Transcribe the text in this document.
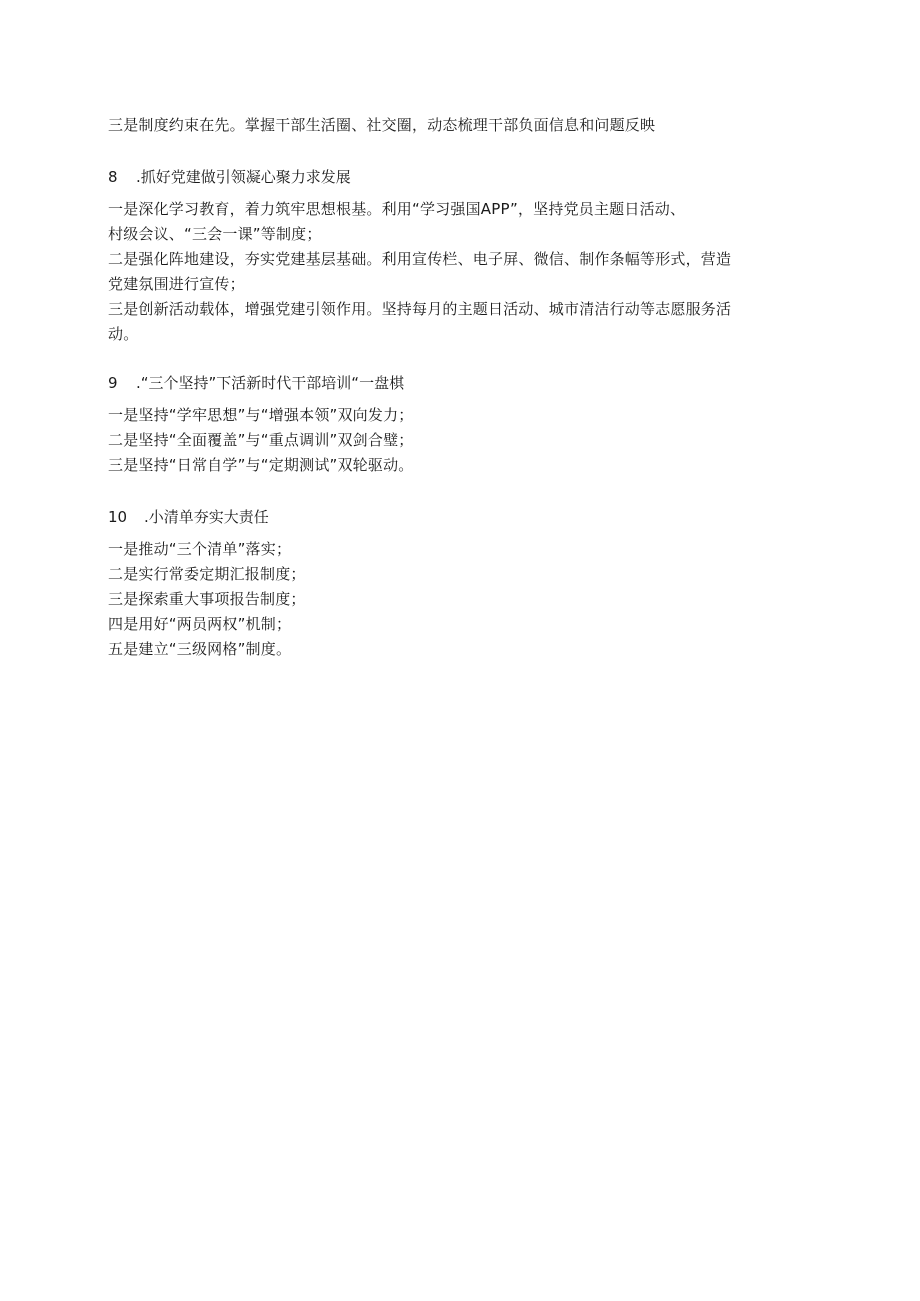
三是制度约束在先。掌握干部生活圈、社交圈，动态梳理干部负面信息和问题反映
8 .抓好党建做引领凝心聚力求发展
一是深化学习教育，着力筑牢思想根基。利用“学习强国APP”，坚持党员主题日活动、
村级会议、“三会一课”等制度；
二是强化阵地建设，夯实党建基层基础。利用宣传栏、电子屏、微信、制作条幅等形式，营造
党建氛围进行宣传；
三是创新活动载体，增强党建引领作用。坚持每月的主题日活动、城市清洁行动等志愿服务活
动。
9 .“三个坚持”下活新时代干部培训“一盘棋
一是坚持“学牢思想”与“增强本领”双向发力；
二是坚持“全面覆盖”与“重点调训”双剑合璧；
三是坚持“日常自学”与“定期测试”双轮驱动。
10 .小清单夯实大责任
一是推动“三个清单”落实；
二是实行常委定期汇报制度；
三是探索重大事项报告制度；
四是用好“两员两权”机制；
五是建立“三级网格”制度。
